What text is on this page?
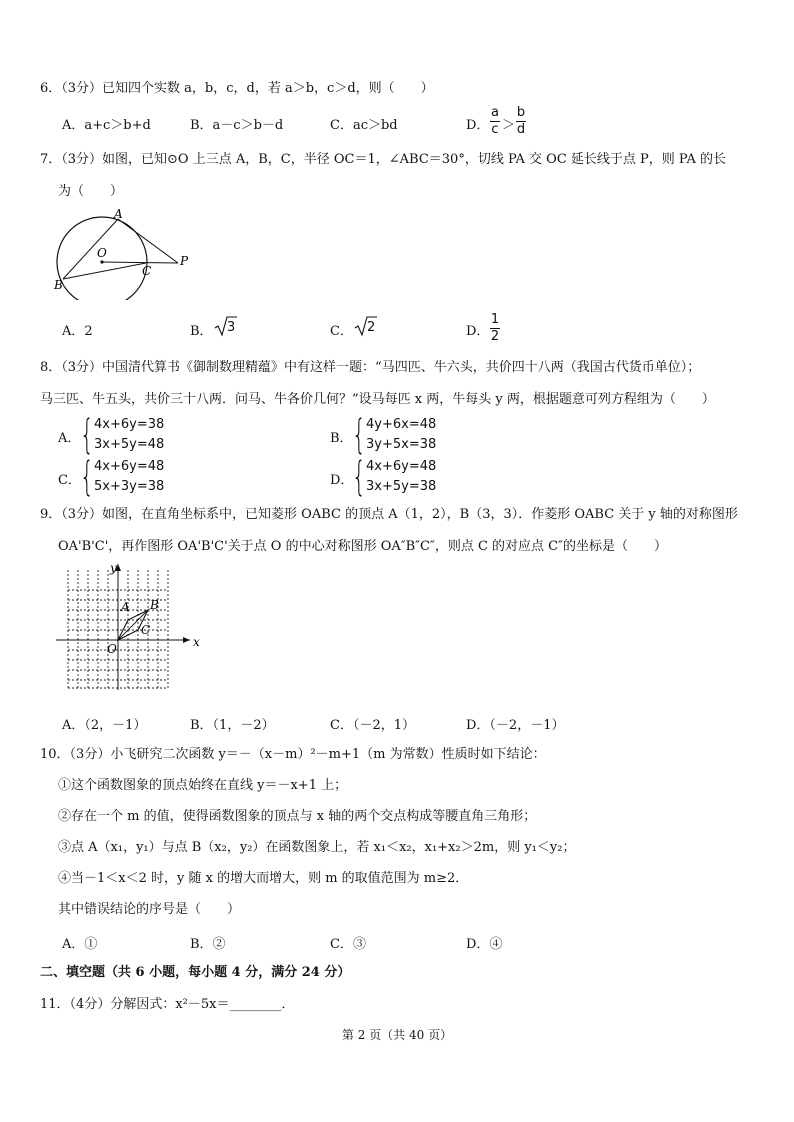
6．（3分）已知四个实数 a，b，c，d，若 a＞b，c＞d，则（　　）
A．a+c＞b+d	B．a－c＞b－d	C．ac＞bd	D．
a
c ＞
b
d
7．（3分）如图，已知⊙O 上三点 A，B，C，半径 OC＝1，∠ABC＝30°，切线 PA 交 OC 延长线于点 P，则 PA 的长
为（　　）
A
O
C
P
B
A．2	B． 3	C． 2	D．
1
2
8．（3分）中国清代算书《御制数理精蕴》中有这样一题：“马四匹、牛六头，共价四十八两（我国古代货币单位）；
马三匹、牛五头，共价三十八两．问马、牛各价几何？”设马每匹 x 两，牛每头 y 两，根据题意可列方程组为（　　）
A． { 4x+6y=38
3x+5y=48	B． { 4y+6x=48
3y+5x=38
C． { 4x+6y=48
5x+3y=38	D．
{ 4x+6y=48
3x+5y=38
9．（3分）如图，在直角坐标系中，已知菱形 OABC 的顶点 A（1，2），B（3，3）．作菱形 OABC 关于 y 轴的对称图形
OA'B'C'，再作图形 OA'B'C'关于点 O 的中心对称图形 OA″B″C″，则点 C 的对应点 C″的坐标是（　　）
x
y
O
A B
C
A．（2，－1）	B．（1，－2）	C．（－2，1）	D．（－2，－1）
10．（3分）小飞研究二次函数 y＝－（x－m）²－m+1（m 为常数）性质时如下结论：
①这个函数图象的顶点始终在直线 y＝－x+1 上；
②存在一个 m 的值，使得函数图象的顶点与 x 轴的两个交点构成等腰直角三角形；
③点 A（x₁，y₁）与点 B（x₂，y₂）在函数图象上，若 x₁＜x₂，x₁+x₂＞2m，则 y₁＜y₂；
④当－1＜x＜2 时，y 随 x 的增大而增大，则 m 的取值范围为 m≥2．
其中错误结论的序号是（　　）
A．①	B．②	C．③	D．④
二、填空题（共 6 小题，每小题 4 分，满分 24 分）
11．（4分）分解因式：x²－5x＝________．
第 2 页（共 40 页）
